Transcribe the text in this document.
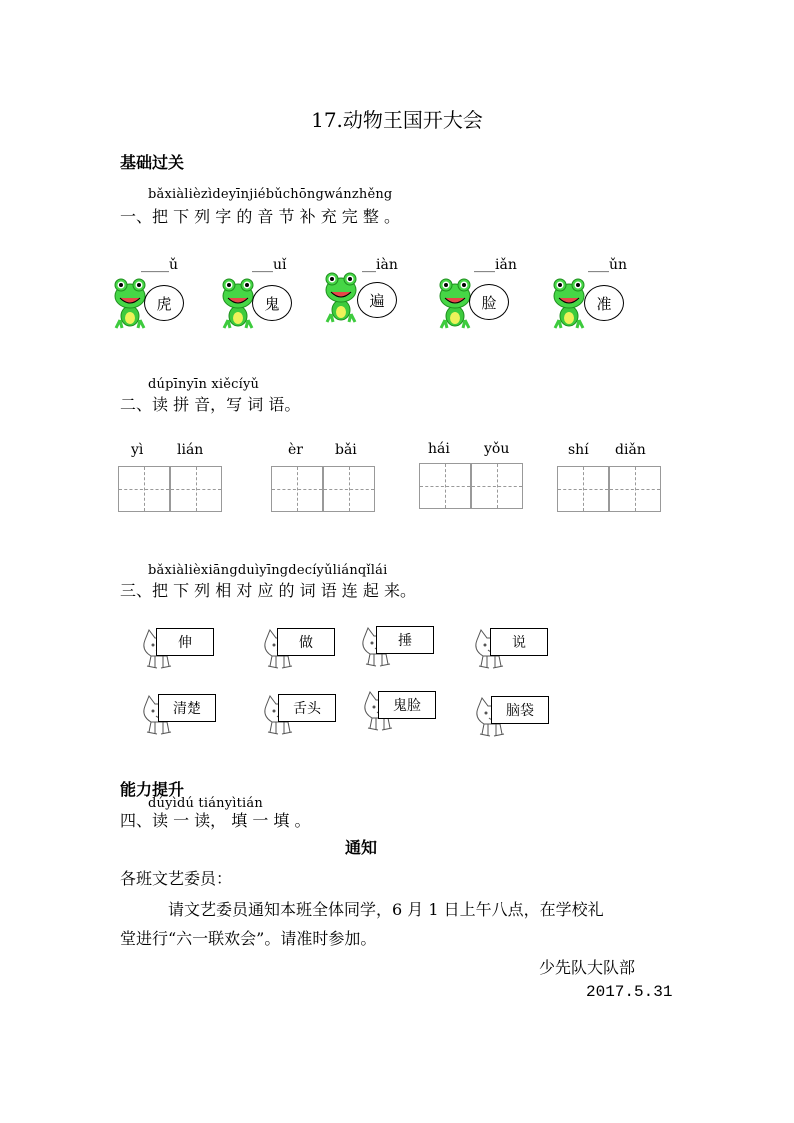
17.动物王国开大会
基础过关
bǎxiàlièzìdeyīnjiébǔchōngwánzhěng
一、把 下 列 字 的 音 节 补 充 完 整 。
____ǔ
虎
___uǐ
鬼
__iàn
遍
___iǎn
脸
___ǔn
准
dúpīnyīn xiěcíyǔ
二、读 拼 音，写 词 语。
yì lián	èr bǎi	hái yǒu	shí diǎn
bǎxiàlièxiāngduìyīngdecíyǔliánqǐlái
三、把 下 列 相 对 应 的 词 语 连 起 来。
伸	做	捶	说
清楚	舌头	鬼脸	脑袋
能力提升
dúyìdú tiányìtián
四、读 一 读， 填 一 填 。
通知
各班文艺委员：
请文艺委员通知本班全体同学，6 月 1 日上午八点，在学校礼
堂进行“六一联欢会”。请准时参加。
少先队大队部
2017.5.31
